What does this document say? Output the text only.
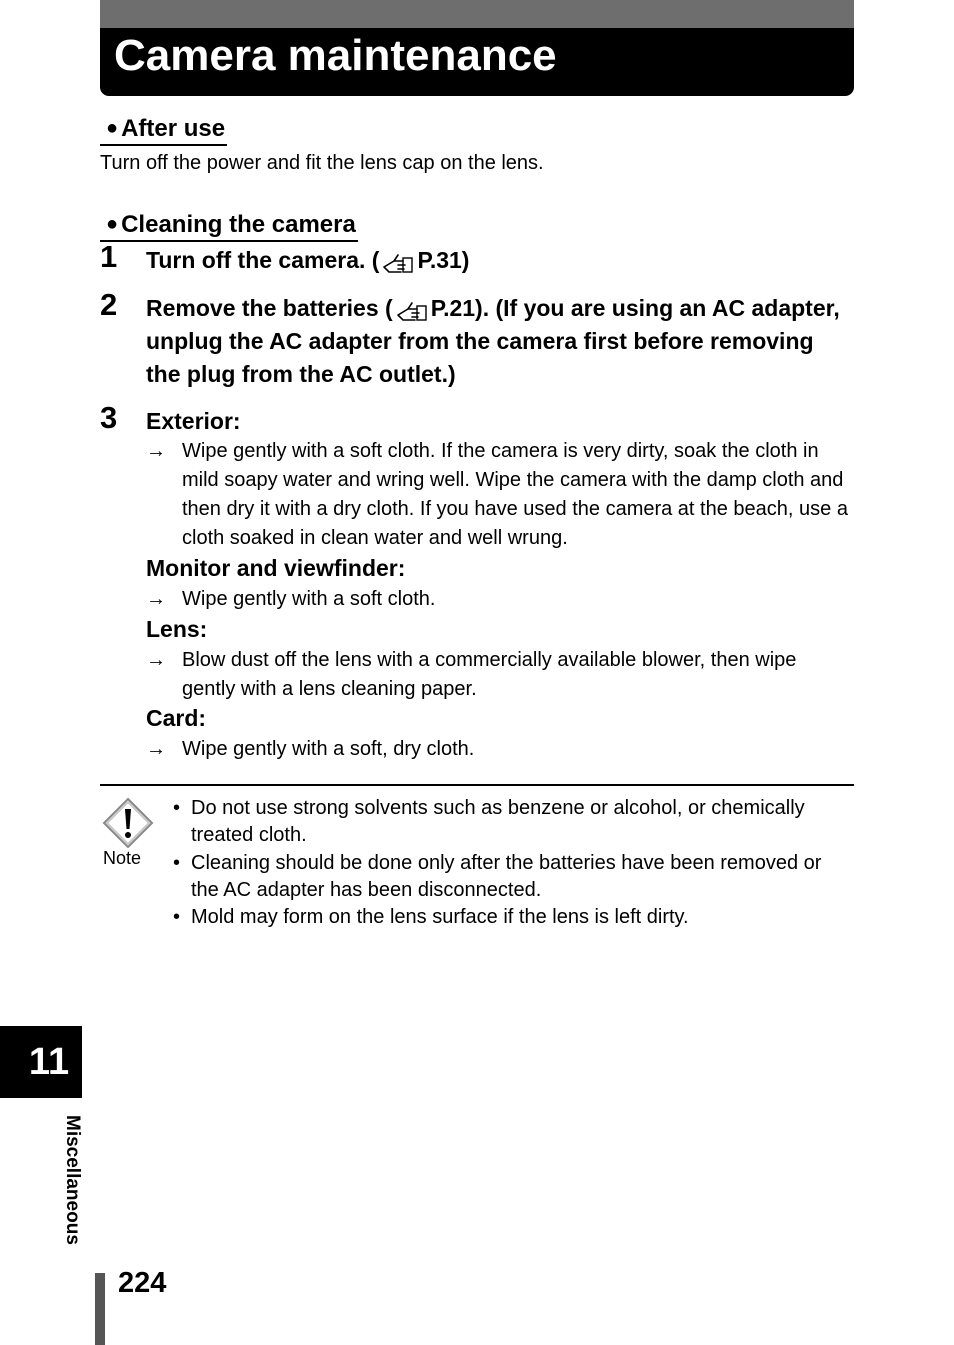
Camera maintenance
● After use

Turn off the power and fit the lens cap on the lens.

● Cleaning the camera
1 Turn off the camera. ( P.31)

2 Remove the batteries ( P.21). (If you are using an AC adapter, unplug the AC adapter from the camera first before removing the plug from the AC outlet.)

3 Exterior:
→ Wipe gently with a soft cloth. If the camera is very dirty, soak the cloth in mild soapy water and wring well. Wipe the camera with the damp cloth and then dry it with a dry cloth. If you have used the camera at the beach, use a cloth soaked in clean water and well wrung.

Monitor and viewfinder:
→ Wipe gently with a soft cloth.

Lens:
→ Blow dust off the lens with a commercially available blower, then wipe gently with a lens cleaning paper.

Card:
→ Wipe gently with a soft, dry cloth.

Note
• Do not use strong solvents such as benzene or alcohol, or chemically treated cloth.

• Cleaning should be done only after the batteries have been removed or the AC adapter has been disconnected.

• Mold may form on the lens surface if the lens is left dirty.

11
Miscellaneous
224
